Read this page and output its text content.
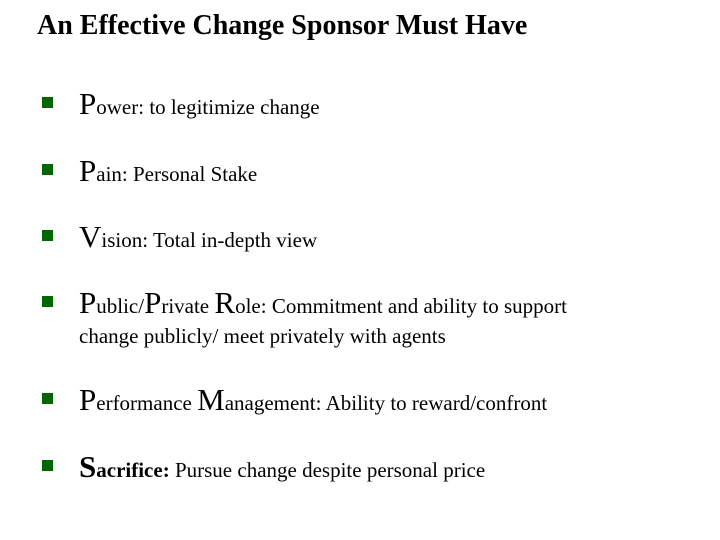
An Effective Change Sponsor Must Have
Power: to legitimize change
Pain: Personal Stake
Vision: Total in-depth view
Public/Private Role: Commitment and ability to support
change publicly/ meet privately with agents
Performance Management: Ability to reward/confront
Sacrifice: Pursue change despite personal price
